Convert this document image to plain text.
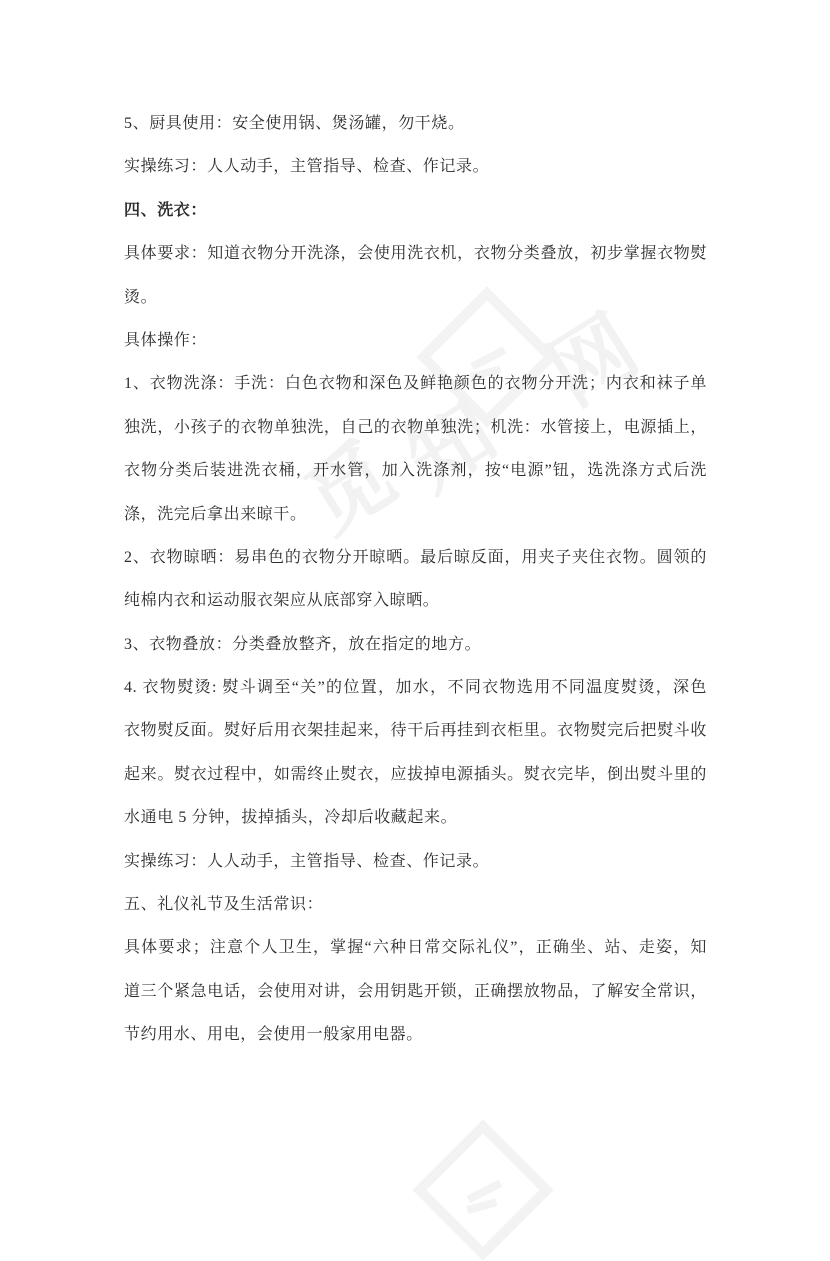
觅
知
网
5、厨具使用：安全使用锅、煲汤罐，勿干烧。
实操练习：人人动手，主管指导、检查、作记录。
四、洗衣：
具体要求：知道衣物分开洗涤，会使用洗衣机，衣物分类叠放，初步掌握衣物熨
烫。
具体操作：
1、衣物洗涤：手洗：白色衣物和深色及鲜艳颜色的衣物分开洗；内衣和袜子单
独洗，小孩子的衣物单独洗，自己的衣物单独洗；机洗：水管接上，电源插上，
衣物分类后装进洗衣桶，开水管，加入洗涤剂，按“电源”钮，选洗涤方式后洗
涤，洗完后拿出来晾干。
2、衣物晾晒：易串色的衣物分开晾晒。最后晾反面，用夹子夹住衣物。圆领的
纯棉内衣和运动服衣架应从底部穿入晾晒。
3、衣物叠放：分类叠放整齐，放在指定的地方。
4. 衣物熨烫: 熨斗调至“关”的位置，加水，不同衣物选用不同温度熨烫，深色
衣物熨反面。熨好后用衣架挂起来，待干后再挂到衣柜里。衣物熨完后把熨斗收
起来。熨衣过程中，如需终止熨衣，应拔掉电源插头。熨衣完毕，倒出熨斗里的
水通电 5 分钟，拔掉插头，冷却后收藏起来。
实操练习：人人动手，主管指导、检查、作记录。
五、礼仪礼节及生活常识：
具体要求；注意个人卫生，掌握“六种日常交际礼仪”，正确坐、站、走姿，知
道三个紧急电话，会使用对讲，会用钥匙开锁，正确摆放物品，了解安全常识，
节约用水、用电，会使用一般家用电器。
